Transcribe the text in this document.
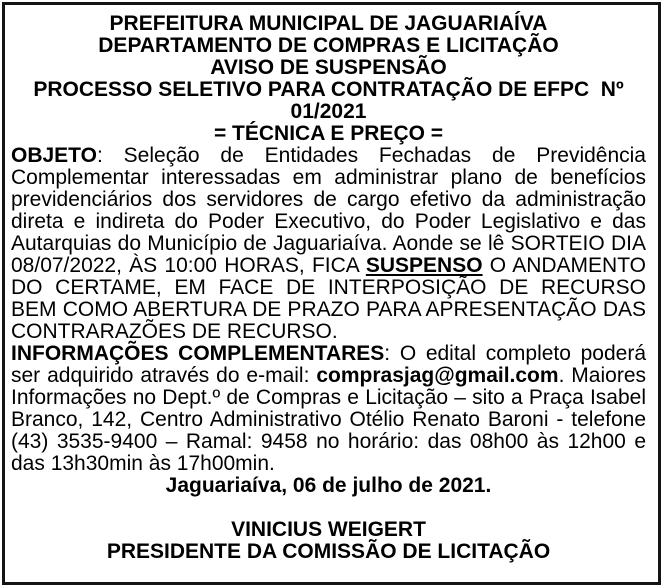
PREFEITURA MUNICIPAL DE JAGUARIAÍVA
DEPARTAMENTO DE COMPRAS E LICITAÇÃO
AVISO DE SUSPENSÃO
PROCESSO SELETIVO PARA CONTRATAÇÃO DE EFPC  Nº
01/2021
= TÉCNICA E PREÇO =

OBJETO: Seleção de Entidades Fechadas de Previdência Complementar interessadas em administrar plano de benefícios previdenciários dos servidores de cargo efetivo da administração direta e indireta do Poder Executivo, do Poder Legislativo e das Autarquias do Município de Jaguariaíva. Aonde se lê SORTEIO DIA 08/07/2022, ÀS 10:00 HORAS, FICA SUSPENSO O ANDAMENTO DO CERTAME, EM FACE DE INTERPOSIÇÃO DE RECURSO BEM COMO ABERTURA DE PRAZO PARA APRESENTAÇÃO DAS CONTRARAZÕES DE RECURSO.

INFORMAÇÕES COMPLEMENTARES: O edital completo poderá ser adquirido através do e-mail: comprasjag@gmail.com. Maiores Informações no Dept.º de Compras e Licitação – sito a Praça Isabel Branco, 142, Centro Administrativo Otélio Renato Baroni - telefone (43) 3535-9400 – Ramal: 9458 no horário: das 08h00 às 12h00 e das 13h30min às 17h00min.

Jaguariaíva, 06 de julho de 2021.

VINICIUS WEIGERT

PRESIDENTE DA COMISSÃO DE LICITAÇÃO
